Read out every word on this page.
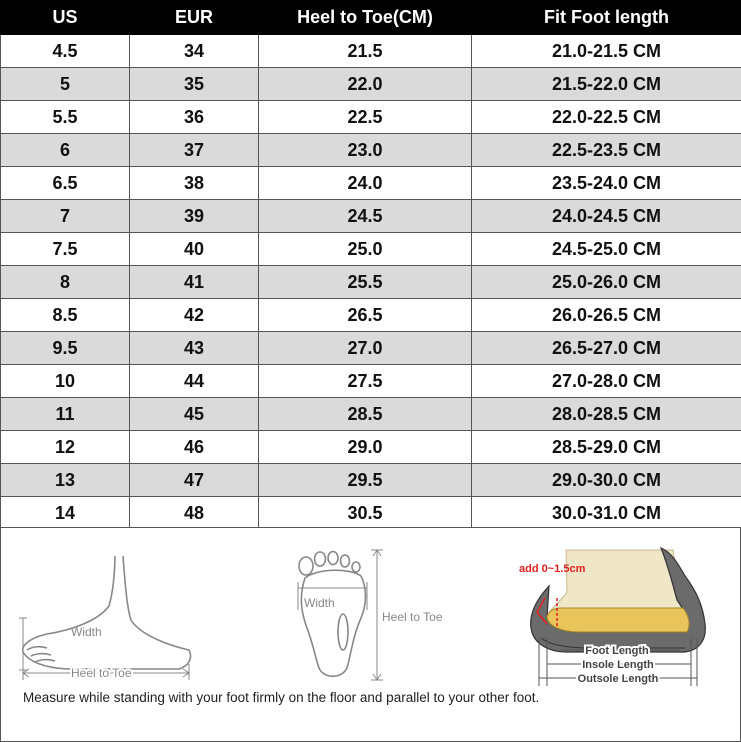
US	EUR	Heel to Toe(CM)	Fit Foot length
4.5	34	21.5	21.0-21.5 CM
5	35	22.0	21.5-22.0 CM
5.5	36	22.5	22.0-22.5 CM
6	37	23.0	22.5-23.5 CM
6.5	38	24.0	23.5-24.0 CM
7	39	24.5	24.0-24.5 CM
7.5	40	25.0	24.5-25.0 CM
8	41	25.5	25.0-26.0 CM
8.5	42	26.5	26.0-26.5 CM
9.5	43	27.0	26.5-27.0 CM
10	44	27.5	27.0-28.0 CM
11	45	28.5	28.0-28.5 CM
12	46	29.0	28.5-29.0 CM
13	47	29.5	29.0-30.0 CM
14	48	30.5	30.0-31.0 CM
Width
Heel to Toe
Width
Heel to Toe
add 0~1.5cm
Foot Length
Insole Length
Outsole Length
Measure while standing with your foot firmly on the floor and parallel to your other foot.
